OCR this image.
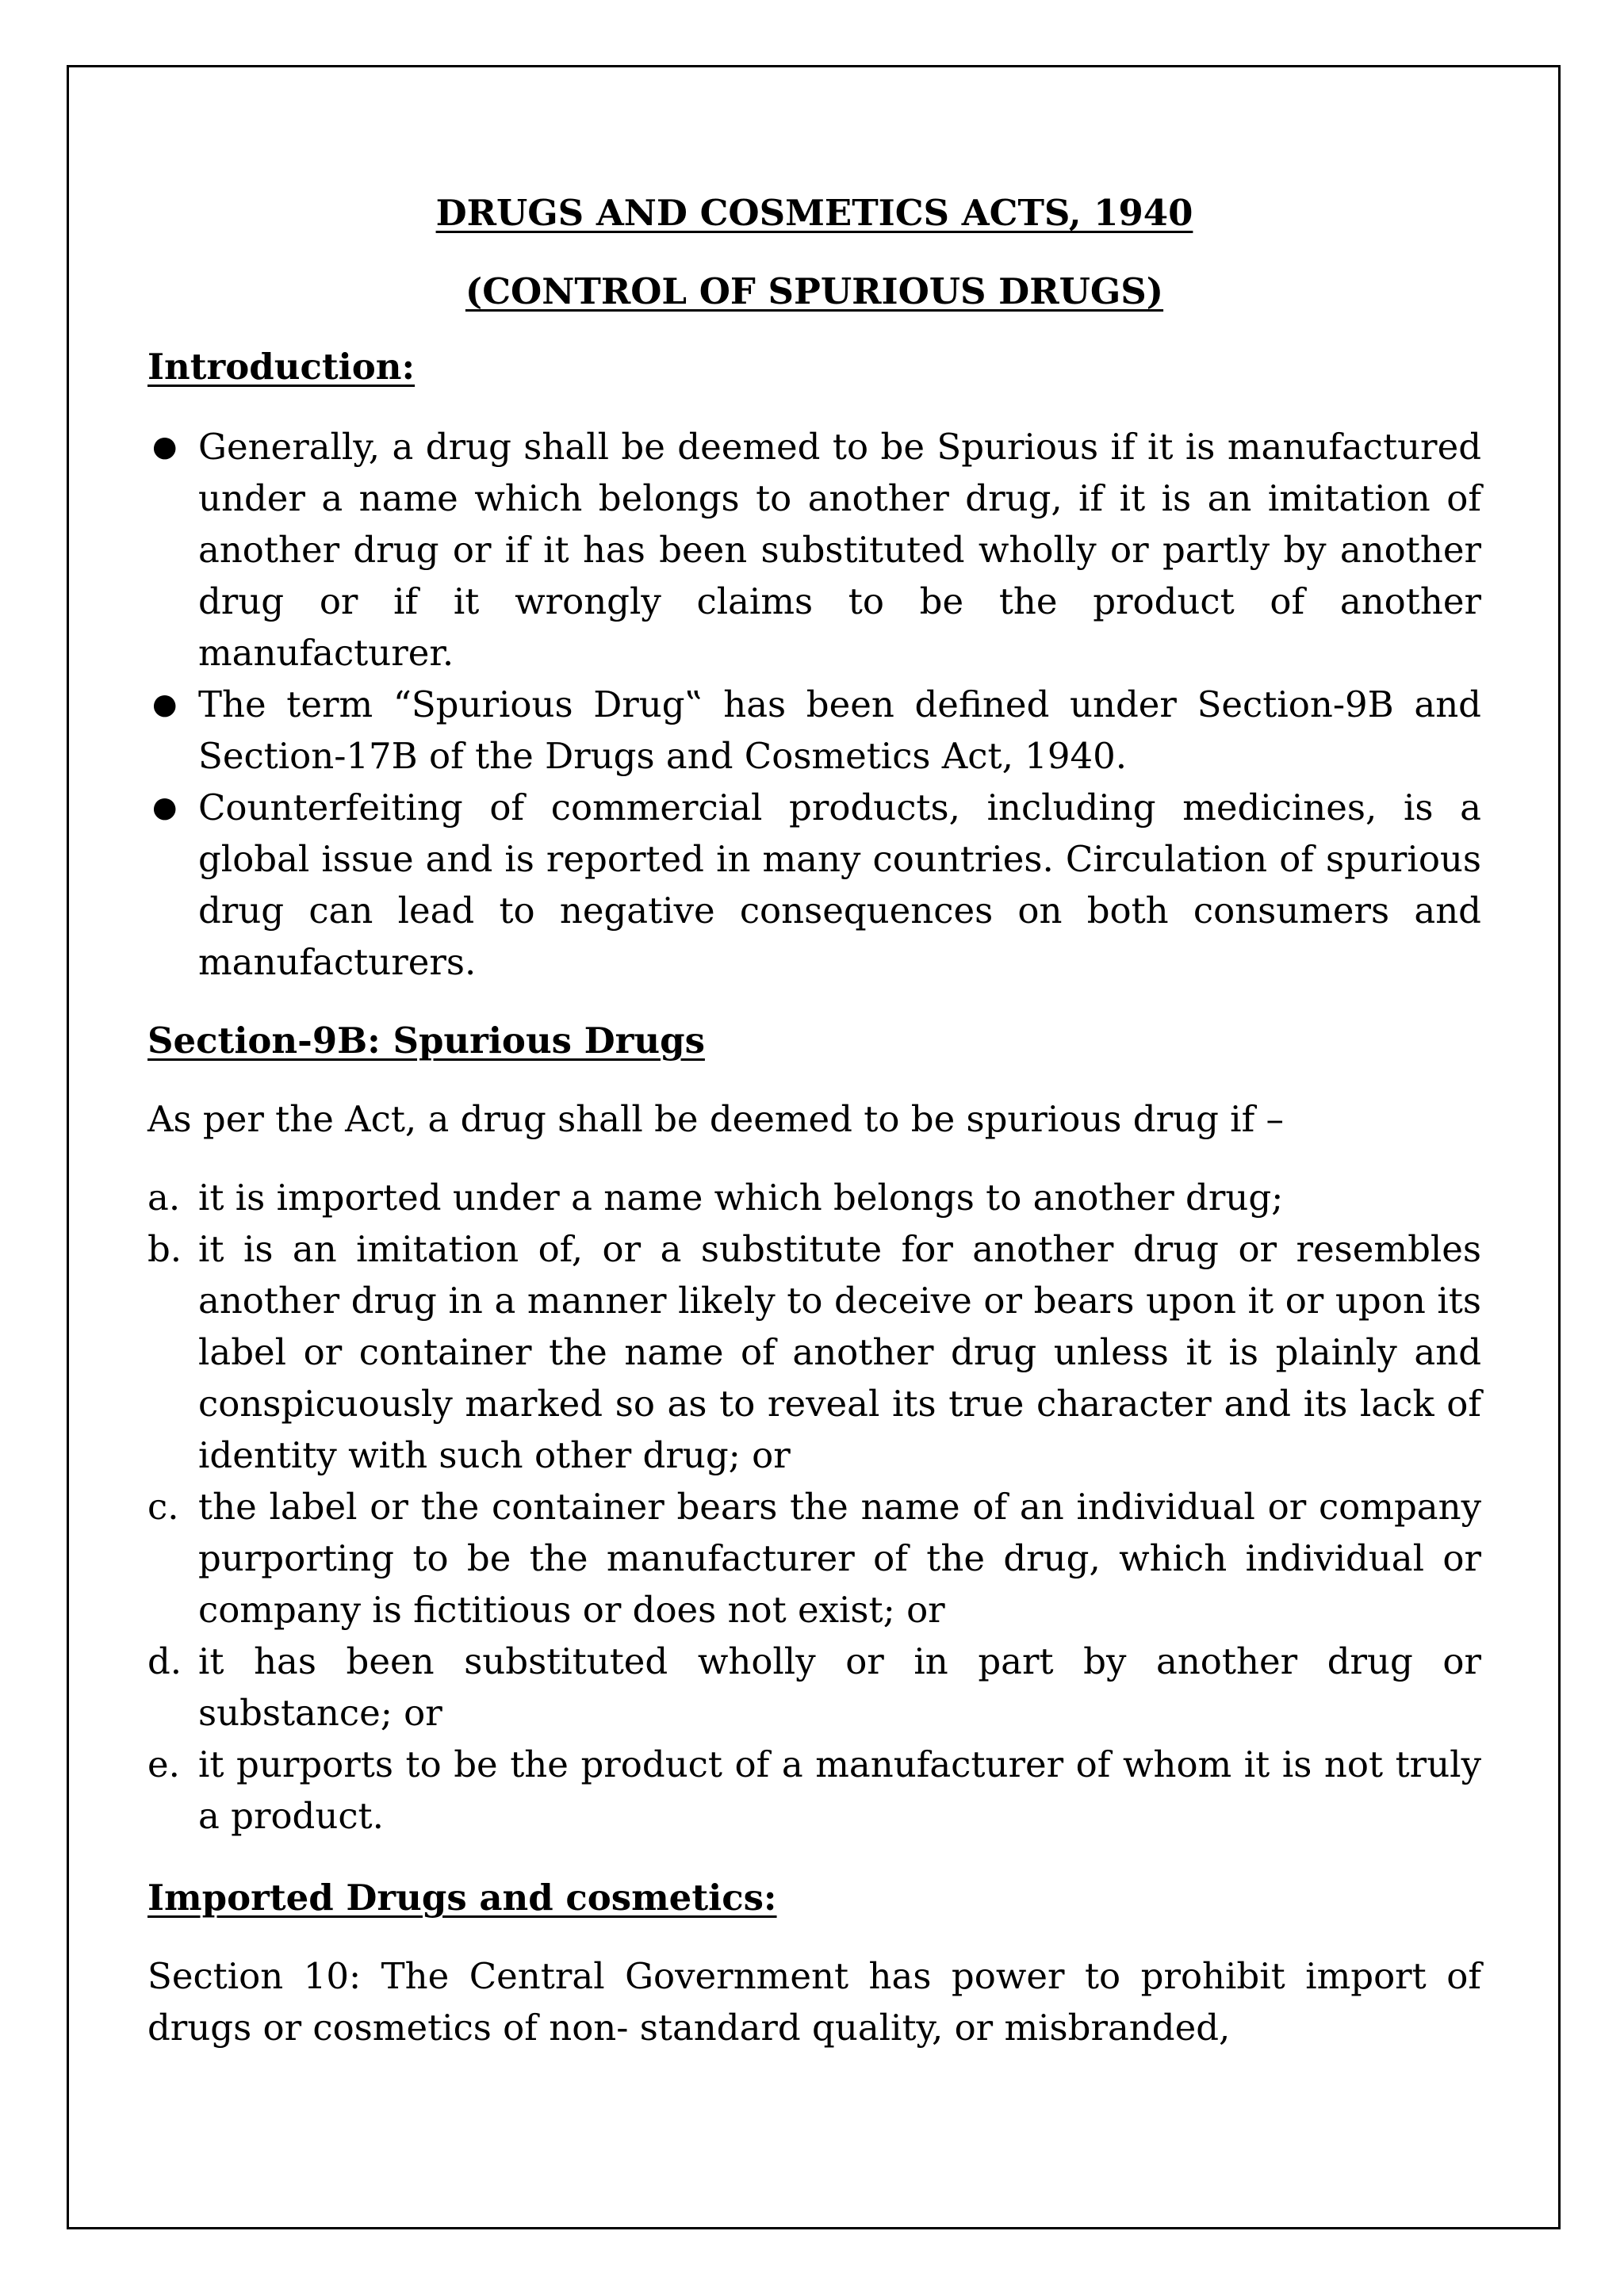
DRUGS AND COSMETICS ACTS, 1940

(CONTROL OF SPURIOUS DRUGS)

Introduction:

● Generally, a drug shall be deemed to be Spurious if it is manufactured under a name which belongs to another drug, if it is an imitation of another drug or if it has been substituted wholly or partly by another drug or if it wrongly claims to be the product of another manufacturer.
● The term “Spurious Drug‟ has been defined under Section-9B and Section-17B of the Drugs and Cosmetics Act, 1940.
● Counterfeiting of commercial products, including medicines, is a global issue and is reported in many countries. Circulation of spurious drug can lead to negative consequences on both consumers and manufacturers.

Section-9B: Spurious Drugs

As per the Act, a drug shall be deemed to be spurious drug if –

a. it is imported under a name which belongs to another drug;
b. it is an imitation of, or a substitute for another drug or resembles another drug in a manner likely to deceive or bears upon it or upon its label or container the name of another drug unless it is plainly and conspicuously marked so as to reveal its true character and its lack of identity with such other drug; or
c. the label or the container bears the name of an individual or company purporting to be the manufacturer of the drug, which individual or company is fictitious or does not exist; or
d. it has been substituted wholly or in part by another drug or substance; or
e. it purports to be the product of a manufacturer of whom it is not truly a product.

Imported Drugs and cosmetics:

Section 10: The Central Government has power to prohibit import of drugs or cosmetics of non- standard quality, or misbranded,
